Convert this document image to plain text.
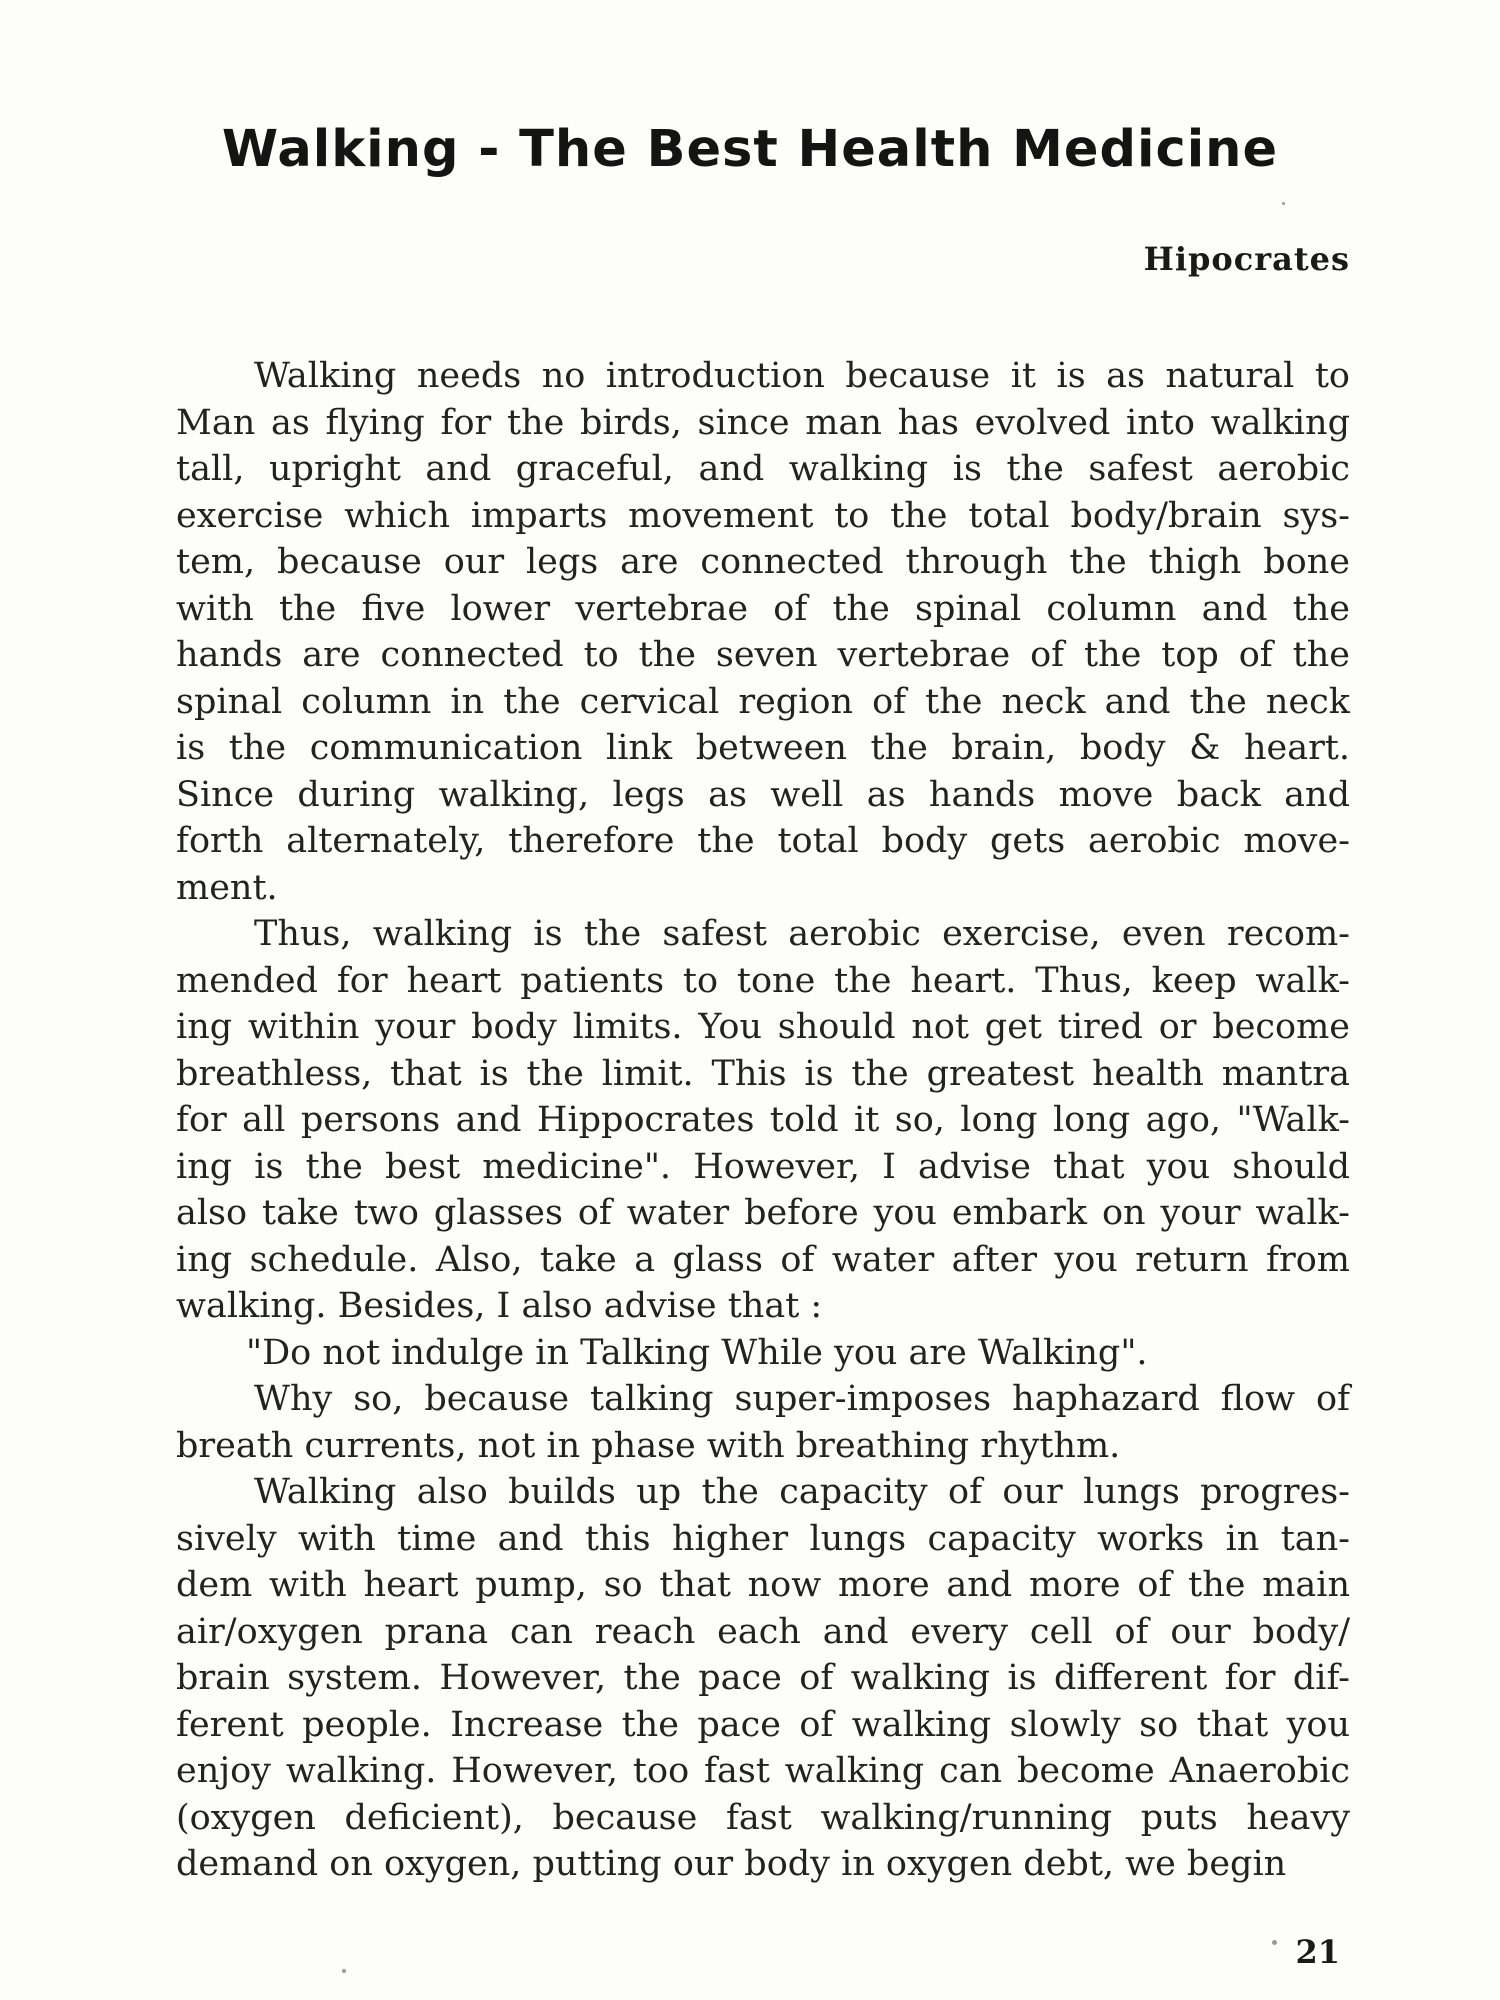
Walking - The Best Health Medicine
Hipocrates
Walking needs no introduction because it is as natural to
Man as flying for the birds, since man has evolved into walking
tall, upright and graceful, and walking is the safest aerobic
exercise which imparts movement to the total body/brain sys-
tem, because our legs are connected through the thigh bone
with the five lower vertebrae of the spinal column and the
hands are connected to the seven vertebrae of the top of the
spinal column in the cervical region of the neck and the neck
is the communication link between the brain, body & heart.
Since during walking, legs as well as hands move back and
forth alternately, therefore the total body gets aerobic move-
ment.
Thus, walking is the safest aerobic exercise, even recom-
mended for heart patients to tone the heart. Thus, keep walk-
ing within your body limits. You should not get tired or become
breathless, that is the limit. This is the greatest health mantra
for all persons and Hippocrates told it so, long long ago, "Walk-
ing is the best medicine". However, I advise that you should
also take two glasses of water before you embark on your walk-
ing schedule. Also, take a glass of water after you return from
walking. Besides, I also advise that :
"Do not indulge in Talking While you are Walking".
Why so, because talking super-imposes haphazard flow of
breath currents, not in phase with breathing rhythm.
Walking also builds up the capacity of our lungs progres-
sively with time and this higher lungs capacity works in tan-
dem with heart pump, so that now more and more of the main
air/oxygen prana can reach each and every cell of our body/
brain system. However, the pace of walking is different for dif-
ferent people. Increase the pace of walking slowly so that you
enjoy walking. However, too fast walking can become Anaerobic
(oxygen deficient), because fast walking/running puts heavy
demand on oxygen, putting our body in oxygen debt, we begin
21
